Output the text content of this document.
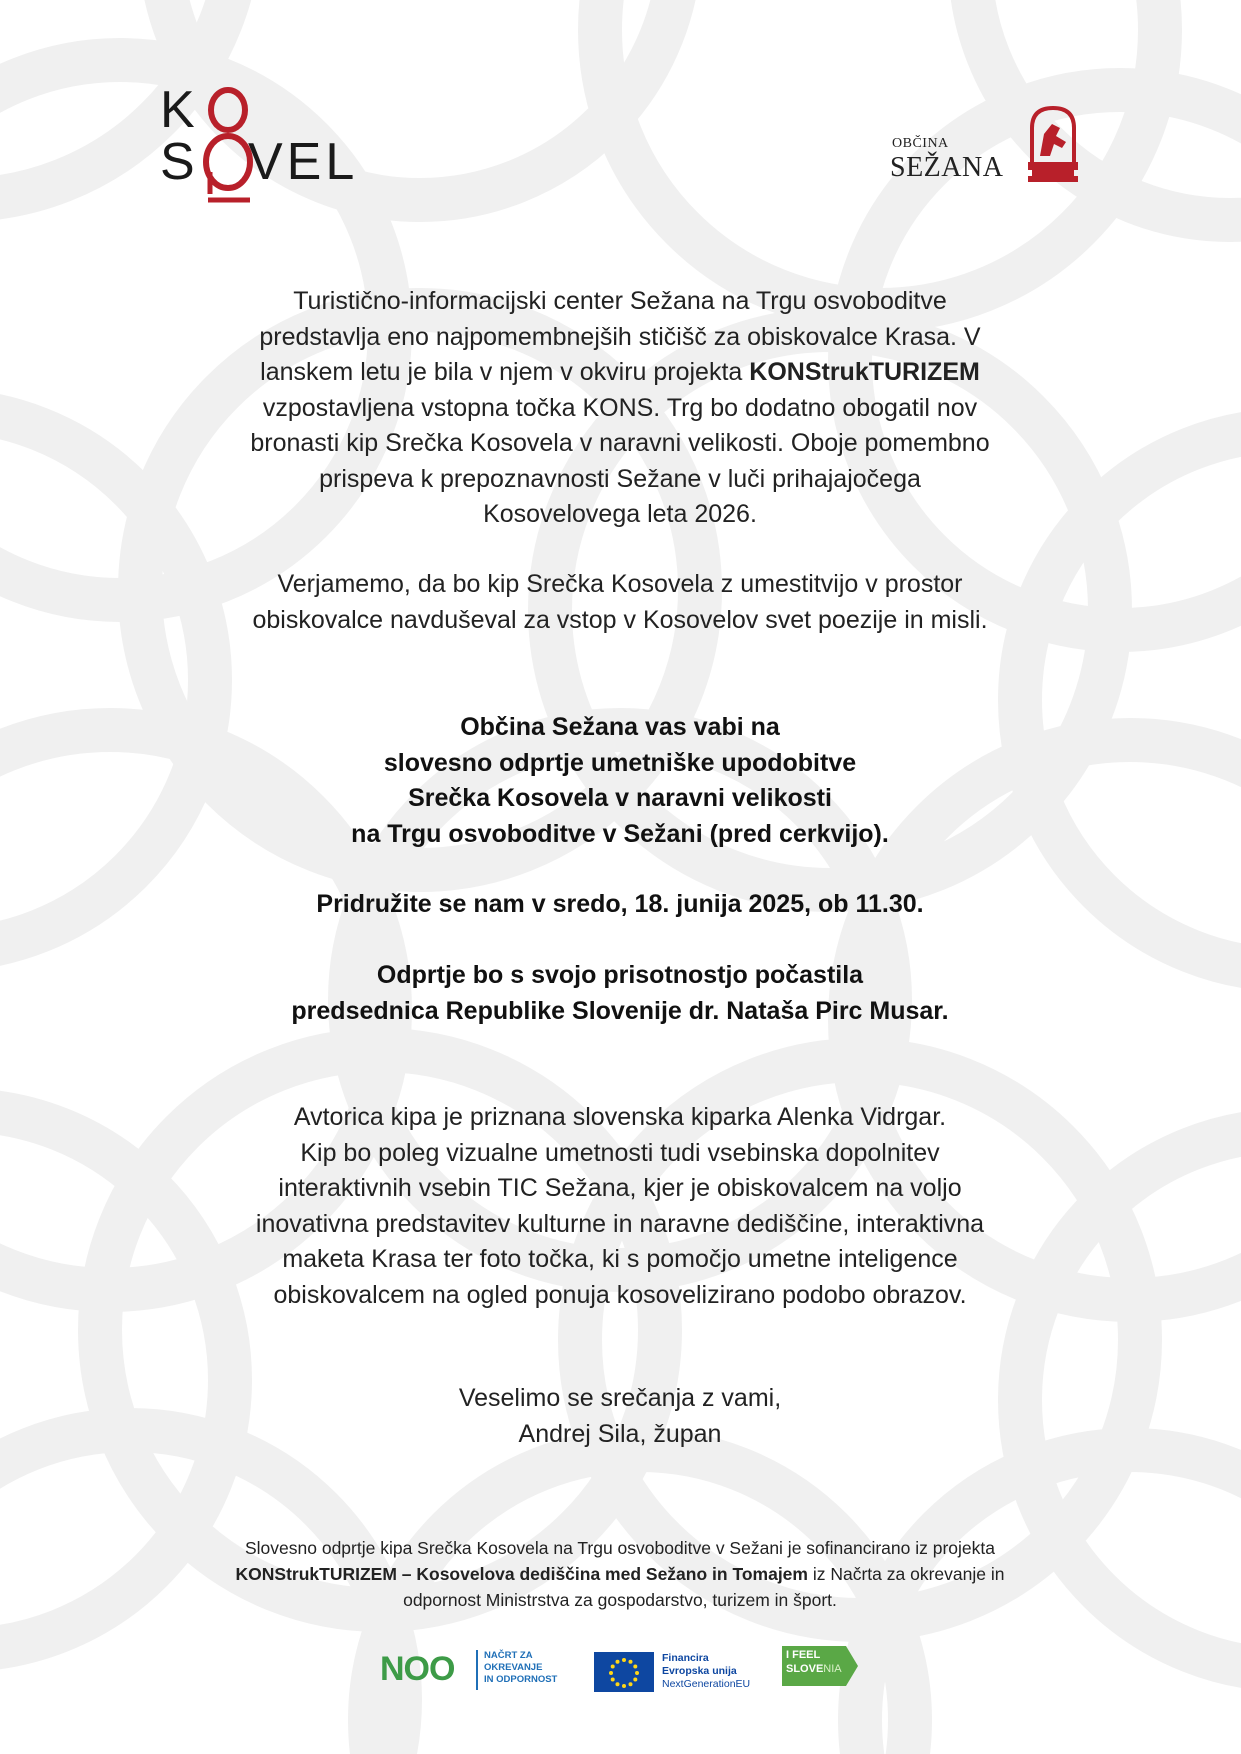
K
S VEL	OBČINA
SEŽANA
Turistično-informacijski center Sežana na Trgu osvoboditve
predstavlja eno najpomembnejših stičišč za obiskovalce Krasa. V
lanskem letu je bila v njem v okviru projekta KONStrukTURIZEM
vzpostavljena vstopna točka KONS. Trg bo dodatno obogatil nov
bronasti kip Srečka Kosovela v naravni velikosti. Oboje pomembno
prispeva k prepoznavnosti Sežane v luči prihajajočega
Kosovelovega leta 2026.
Verjamemo, da bo kip Srečka Kosovela z umestitvijo v prostor
obiskovalce navduševal za vstop v Kosovelov svet poezije in misli.
Občina Sežana vas vabi na
slovesno odprtje umetniške upodobitve
Srečka Kosovela v naravni velikosti
na Trgu osvoboditve v Sežani (pred cerkvijo).
Pridružite se nam v sredo, 18. junija 2025, ob 11.30.
Odprtje bo s svojo prisotnostjo počastila
predsednica Republike Slovenije dr. Nataša Pirc Musar.
Avtorica kipa je priznana slovenska kiparka Alenka Vidrgar.
Kip bo poleg vizualne umetnosti tudi vsebinska dopolnitev
interaktivnih vsebin TIC Sežana, kjer je obiskovalcem na voljo
inovativna predstavitev kulturne in naravne dediščine, interaktivna
maketa Krasa ter foto točka, ki s pomočjo umetne inteligence
obiskovalcem na ogled ponuja kosovelizirano podobo obrazov.
Veselimo se srečanja z vami,
Andrej Sila, župan
Slovesno odprtje kipa Srečka Kosovela na Trgu osvoboditve v Sežani je sofinancirano iz projekta
KONStrukTURIZEM – Kosovelova dediščina med Sežano in Tomajem iz Načrta za okrevanje in
odpornost Ministrstva za gospodarstvo, turizem in šport.
NOO	NAČRT ZA
OKREVANJE
IN ODPORNOST
Financira
Evropska unija
NextGenerationEU
I FEEL
SLOVENIA
